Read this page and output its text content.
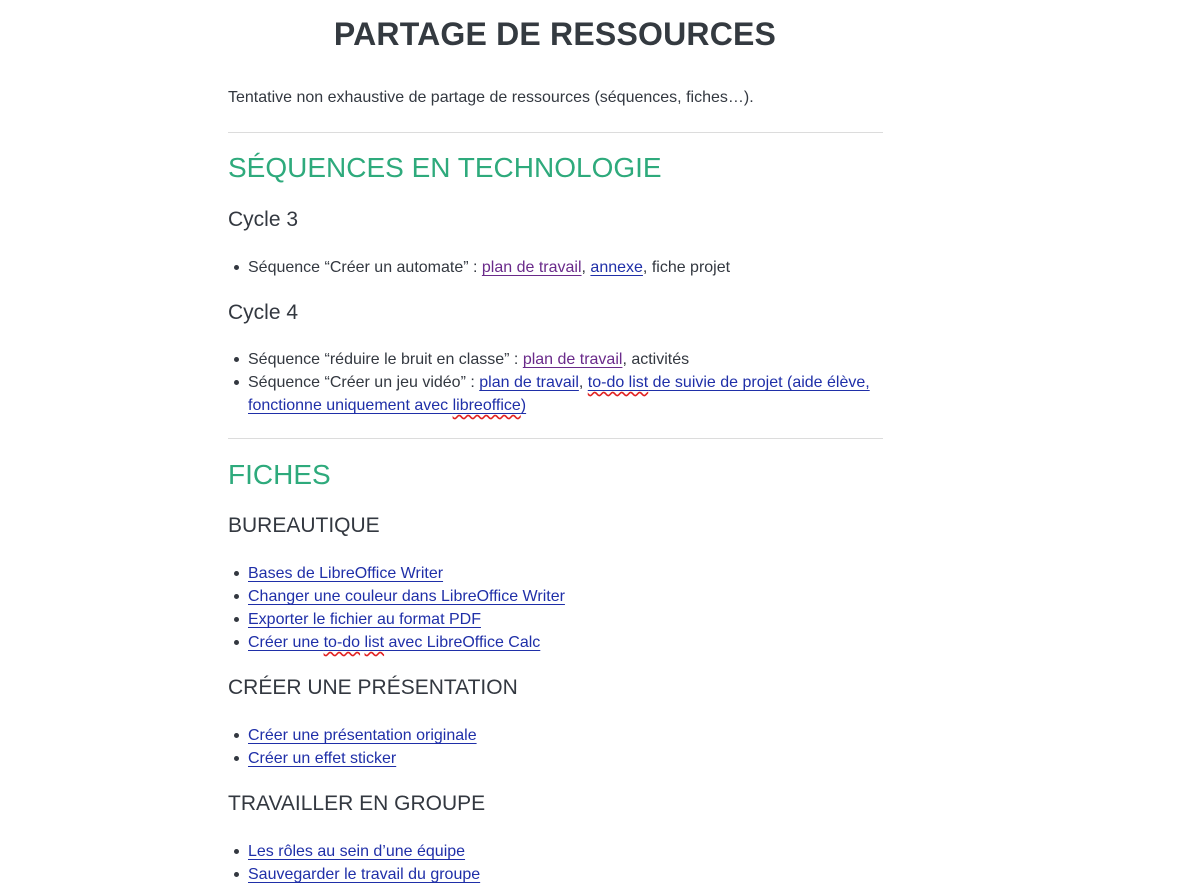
PARTAGE DE RESSOURCES

Tentative non exhaustive de partage de ressources (séquences, fiches…).

SÉQUENCES EN TECHNOLOGIE
Cycle 3
Séquence “Créer un automate” : plan de travail, annexe, fiche projet
Cycle 4
Séquence “réduire le bruit en classe” : plan de travail, activités
Séquence “Créer un jeu vidéo” : plan de travail, to-do list de suivie de projet (aide élève, fonctionne uniquement avec libreoffice)
FICHES
BUREAUTIQUE
Bases de LibreOffice Writer
Changer une couleur dans LibreOffice Writer
Exporter le fichier au format PDF
Créer une to-do list avec LibreOffice Calc
CRÉER UNE PRÉSENTATION
Créer une présentation originale
Créer un effet sticker
TRAVAILLER EN GROUPE
Les rôles au sein d’une équipe
Sauvegarder le travail du groupe
